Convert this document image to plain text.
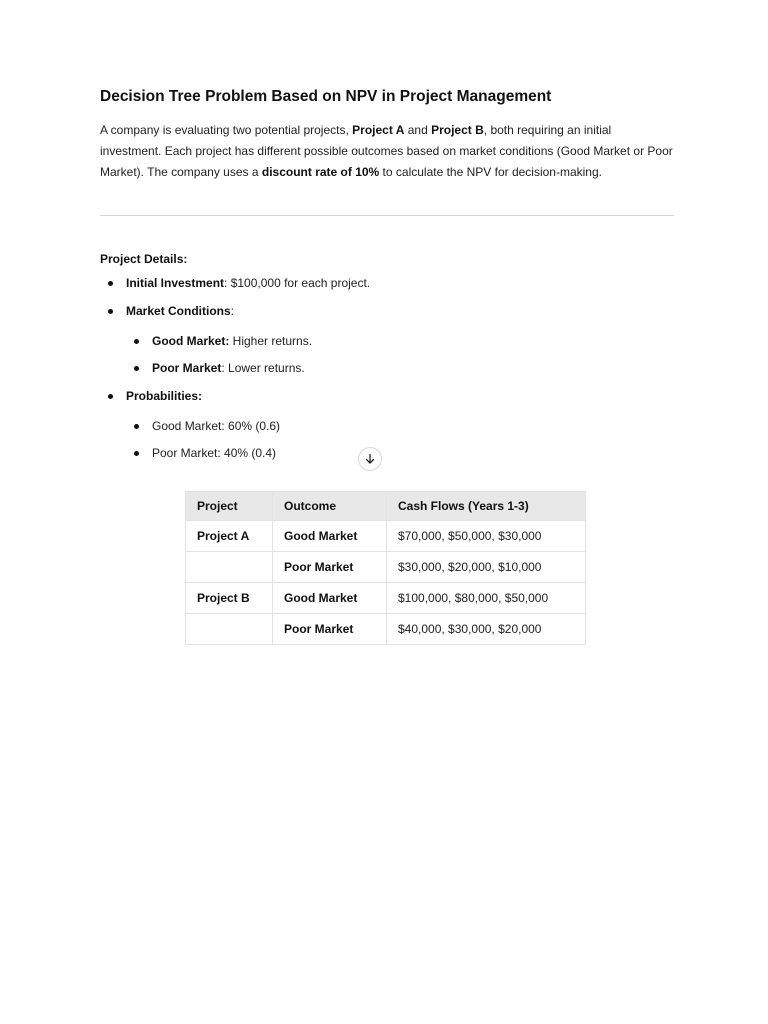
Decision Tree Problem Based on NPV in Project Management

A company is evaluating two potential projects, Project A and Project B, both requiring an initial investment. Each project has different possible outcomes based on market conditions (Good Market or Poor Market). The company uses a discount rate of 10% to calculate the NPV for decision-making.

Project Details:

Initial Investment: $100,000 for each project.
Market Conditions:
Good Market: Higher returns.
Poor Market: Lower returns.
Probabilities:
Good Market: 60% (0.6)
Poor Market: 40% (0.4)
Project	Outcome	Cash Flows (Years 1-3)
Project A	Good Market	$70,000, $50,000, $30,000
	Poor Market	$30,000, $20,000, $10,000
Project B	Good Market	$100,000, $80,000, $50,000
	Poor Market	$40,000, $30,000, $20,000
